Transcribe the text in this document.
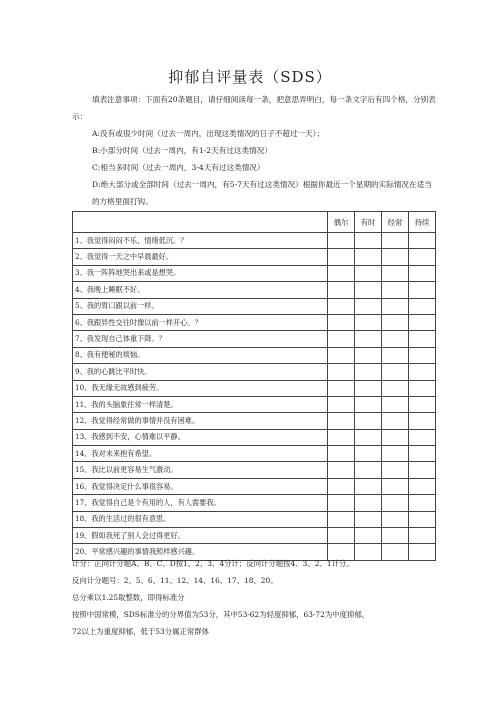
抑郁自评量表（SDS）

填表注意事项：下面有20条题目，请仔细阅读每一条，把意思弄明白，每一条文字后有四个格，分别表示：

A:没有或很少时间（过去一周内，出现这类情况的日子不超过一天）；

B:小部分时间（过去一周内，有1-2天有过这类情况）

C:相当多时间（过去一周内，3-4天有过这类情况）

D:绝大部分或全部时间（过去一周内，有5-7天有过这类情况）根据你最近一个星期的实际情况在适当的方格里面打钩。

	偶尔	有时	经常	持续
1、我觉得闷闷不乐，情绪低沉。？				
2、我觉得一天之中早晨最好。				
3、我一阵阵地哭出来或是想哭。				
4、我晚上睡眠不好。				
5、我的胃口跟以前一样。				
6、我跟异性交往时像以前一样开心。？				
7、我发现自己体重下降。？				
8、我有便秘的烦恼。				
9、我的心跳比平时快。				
10、我无缘无故感到疲劳。				
11、我的头脑象往常一样清楚。				
12、我觉得经常做的事情并没有困难。				
13、我感到不安，心情难以平静。				
14、我对未来抱有希望。				
15、我比以前更容易生气激动。				
16、我觉得决定什么事很容易。				
17、我觉得自己是个有用的人，有人需要我。				
18、我的生活过的很有意思。				
19、假如我死了别人会过得更好。				
20、平常感兴趣的事情我照样感兴趣。				

计分：正向计分题A、B、C、D按1、2、3、4分计；反向计分题按4、3、2、1计分。

反向计分题号：2、5、6、11、12、14、16、17、18、20。

总分乘以1.25取整数，即得标准分

按照中国常模，SDS标准分的分界值为53分，其中53-62为轻度抑郁，63-72为中度抑郁，

72以上为重度抑郁，低于53分属正常群体
